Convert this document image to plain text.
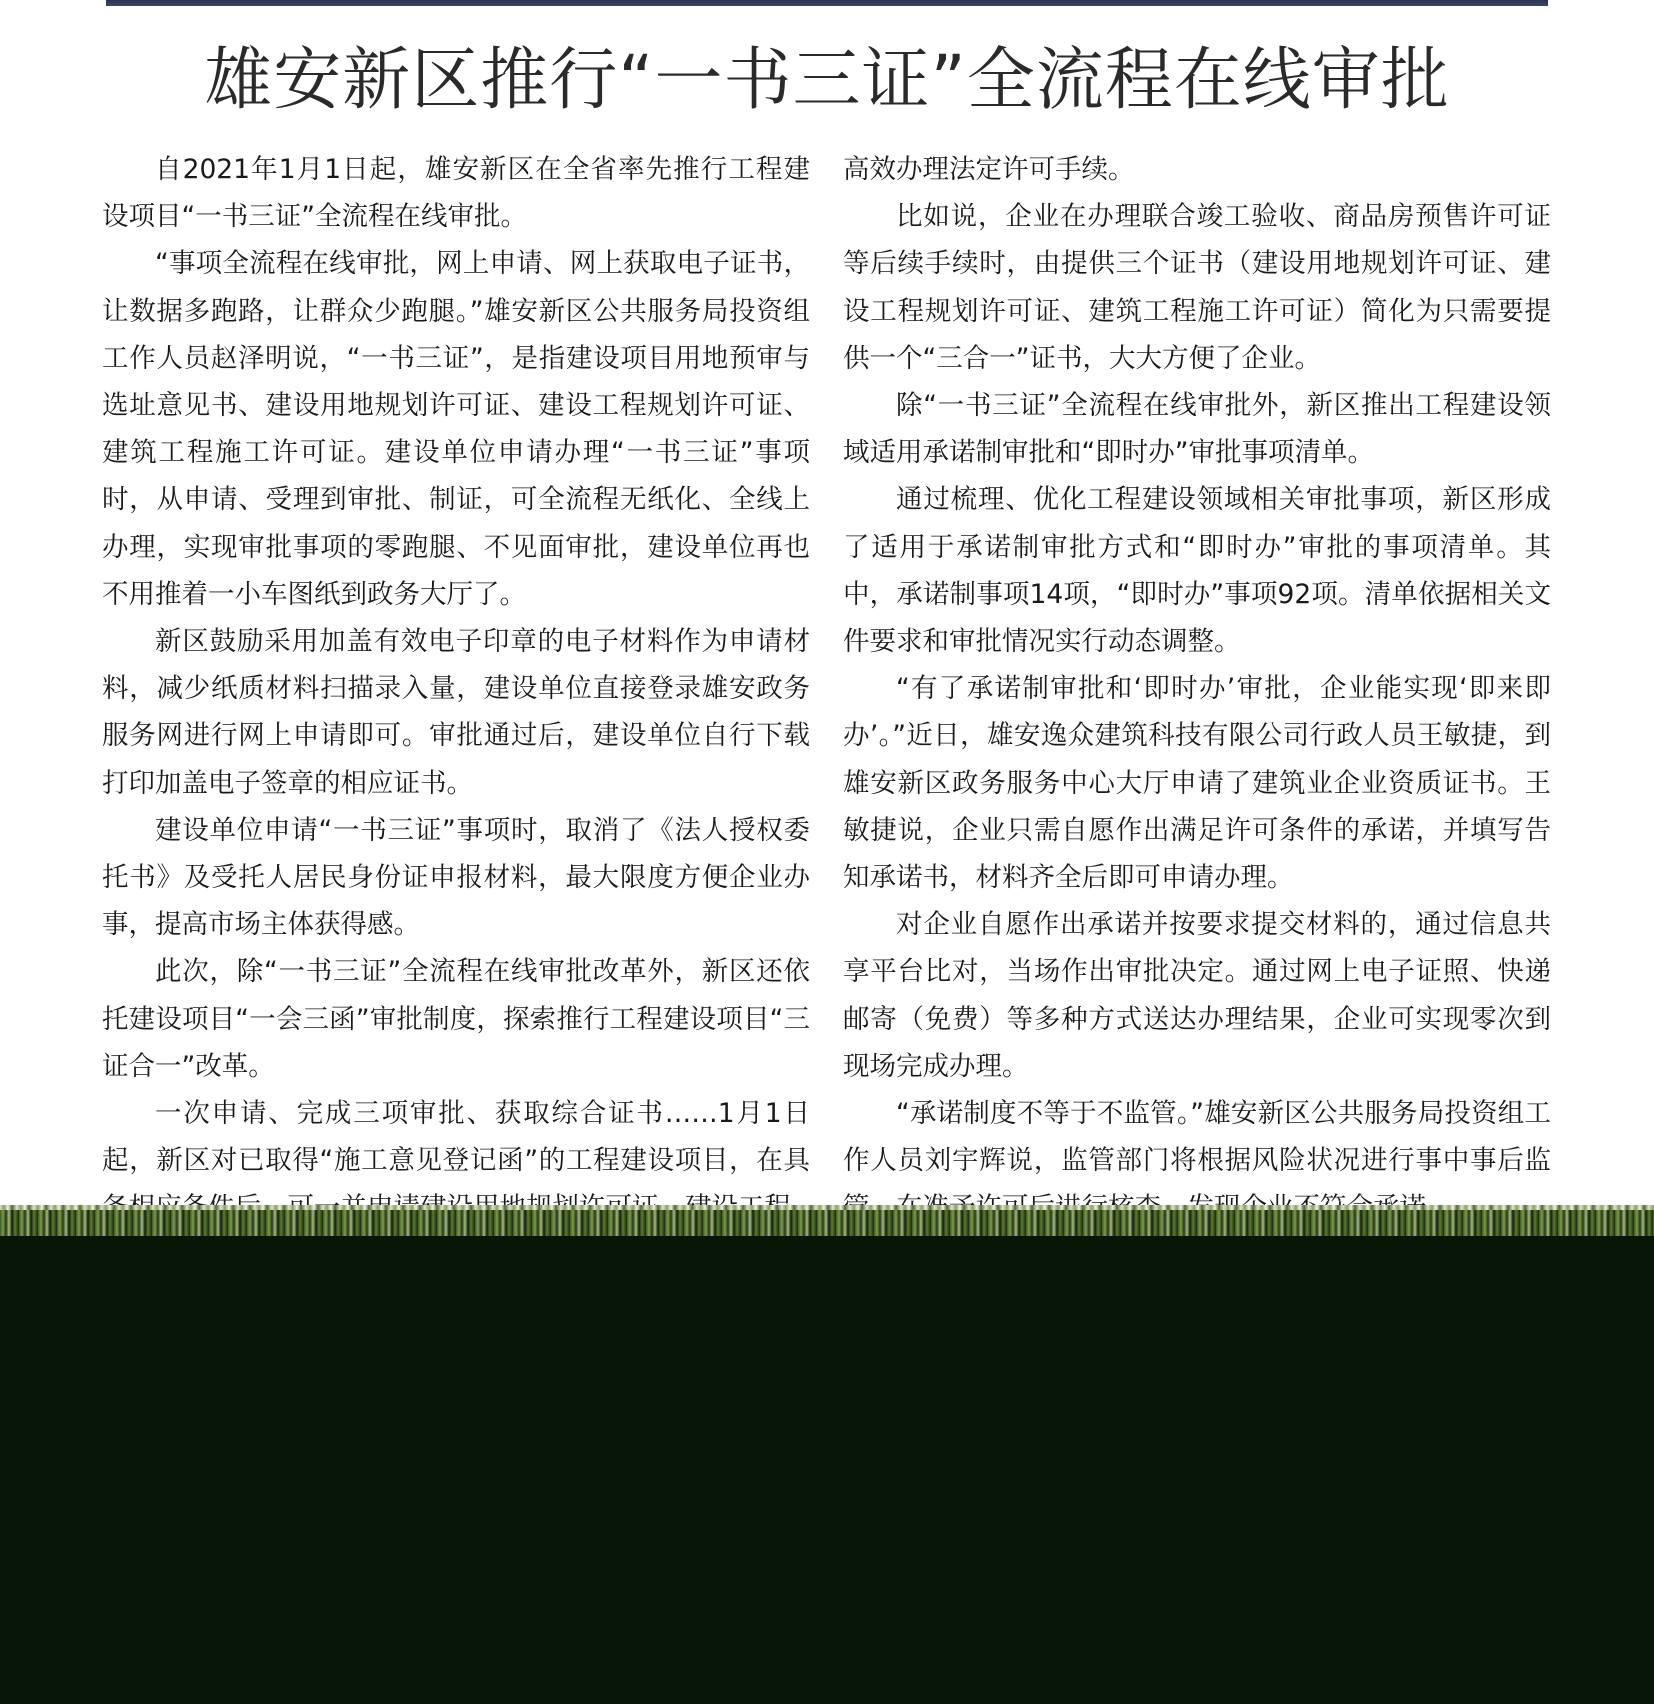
雄安新区推行“一书三证”全流程在线审批

自2021年1月1日起，雄安新区在全省率先推行工程建设项目“一书三证”全流程在线审批。

“事项全流程在线审批，网上申请、网上获取电子证书，让数据多跑路，让群众少跑腿。”雄安新区公共服务局投资组工作人员赵泽明说，“一书三证”，是指建设项目用地预审与选址意见书、建设用地规划许可证、建设工程规划许可证、建筑工程施工许可证。建设单位申请办理“一书三证”事项时，从申请、受理到审批、制证，可全流程无纸化、全线上办理，实现审批事项的零跑腿、不见面审批，建设单位再也不用推着一小车图纸到政务大厅了。

新区鼓励采用加盖有效电子印章的电子材料作为申请材料，减少纸质材料扫描录入量，建设单位直接登录雄安政务服务网进行网上申请即可。审批通过后，建设单位自行下载打印加盖电子签章的相应证书。

建设单位申请“一书三证”事项时，取消了《法人授权委托书》及受托人居民身份证申报材料，最大限度方便企业办事，提高市场主体获得感。

此次，除“一书三证”全流程在线审批改革外，新区还依托建设项目“一会三函”审批制度，探索推行工程建设项目“三证合一”改革。

一次申请、完成三项审批、获取综合证书……1月1日起，新区对已取得“施工意见登记函”的工程建设项目，在具

高效办理法定许可手续。

比如说，企业在办理联合竣工验收、商品房预售许可证等后续手续时，由提供三个证书（建设用地规划许可证、建设工程规划许可证、建筑工程施工许可证）简化为只需要提供一个“三合一”证书，大大方便了企业。

除“一书三证”全流程在线审批外，新区推出工程建设领域适用承诺制审批和“即时办”审批事项清单。

通过梳理、优化工程建设领域相关审批事项，新区形成了适用于承诺制审批方式和“即时办”审批的事项清单。其中，承诺制事项14项，“即时办”事项92项。清单依据相关文件要求和审批情况实行动态调整。

“有了承诺制审批和‘即时办’审批，企业能实现‘即来即办’。”近日，雄安逸众建筑科技有限公司行政人员王敏捷，到雄安新区政务服务中心大厅申请了建筑业企业资质证书。王敏捷说，企业只需自愿作出满足许可条件的承诺，并填写告知承诺书，材料齐全后即可申请办理。

对企业自愿作出承诺并按要求提交材料的，通过信息共享平台比对，当场作出审批决定。通过网上电子证照、快递邮寄（免费）等多种方式送达办理结果，企业可实现零次到现场完成办理。

“承诺制度不等于不监管。”雄安新区公共服务局投资组工作人员刘宇辉说，监管部门将根据风险状况进行事中事后监
